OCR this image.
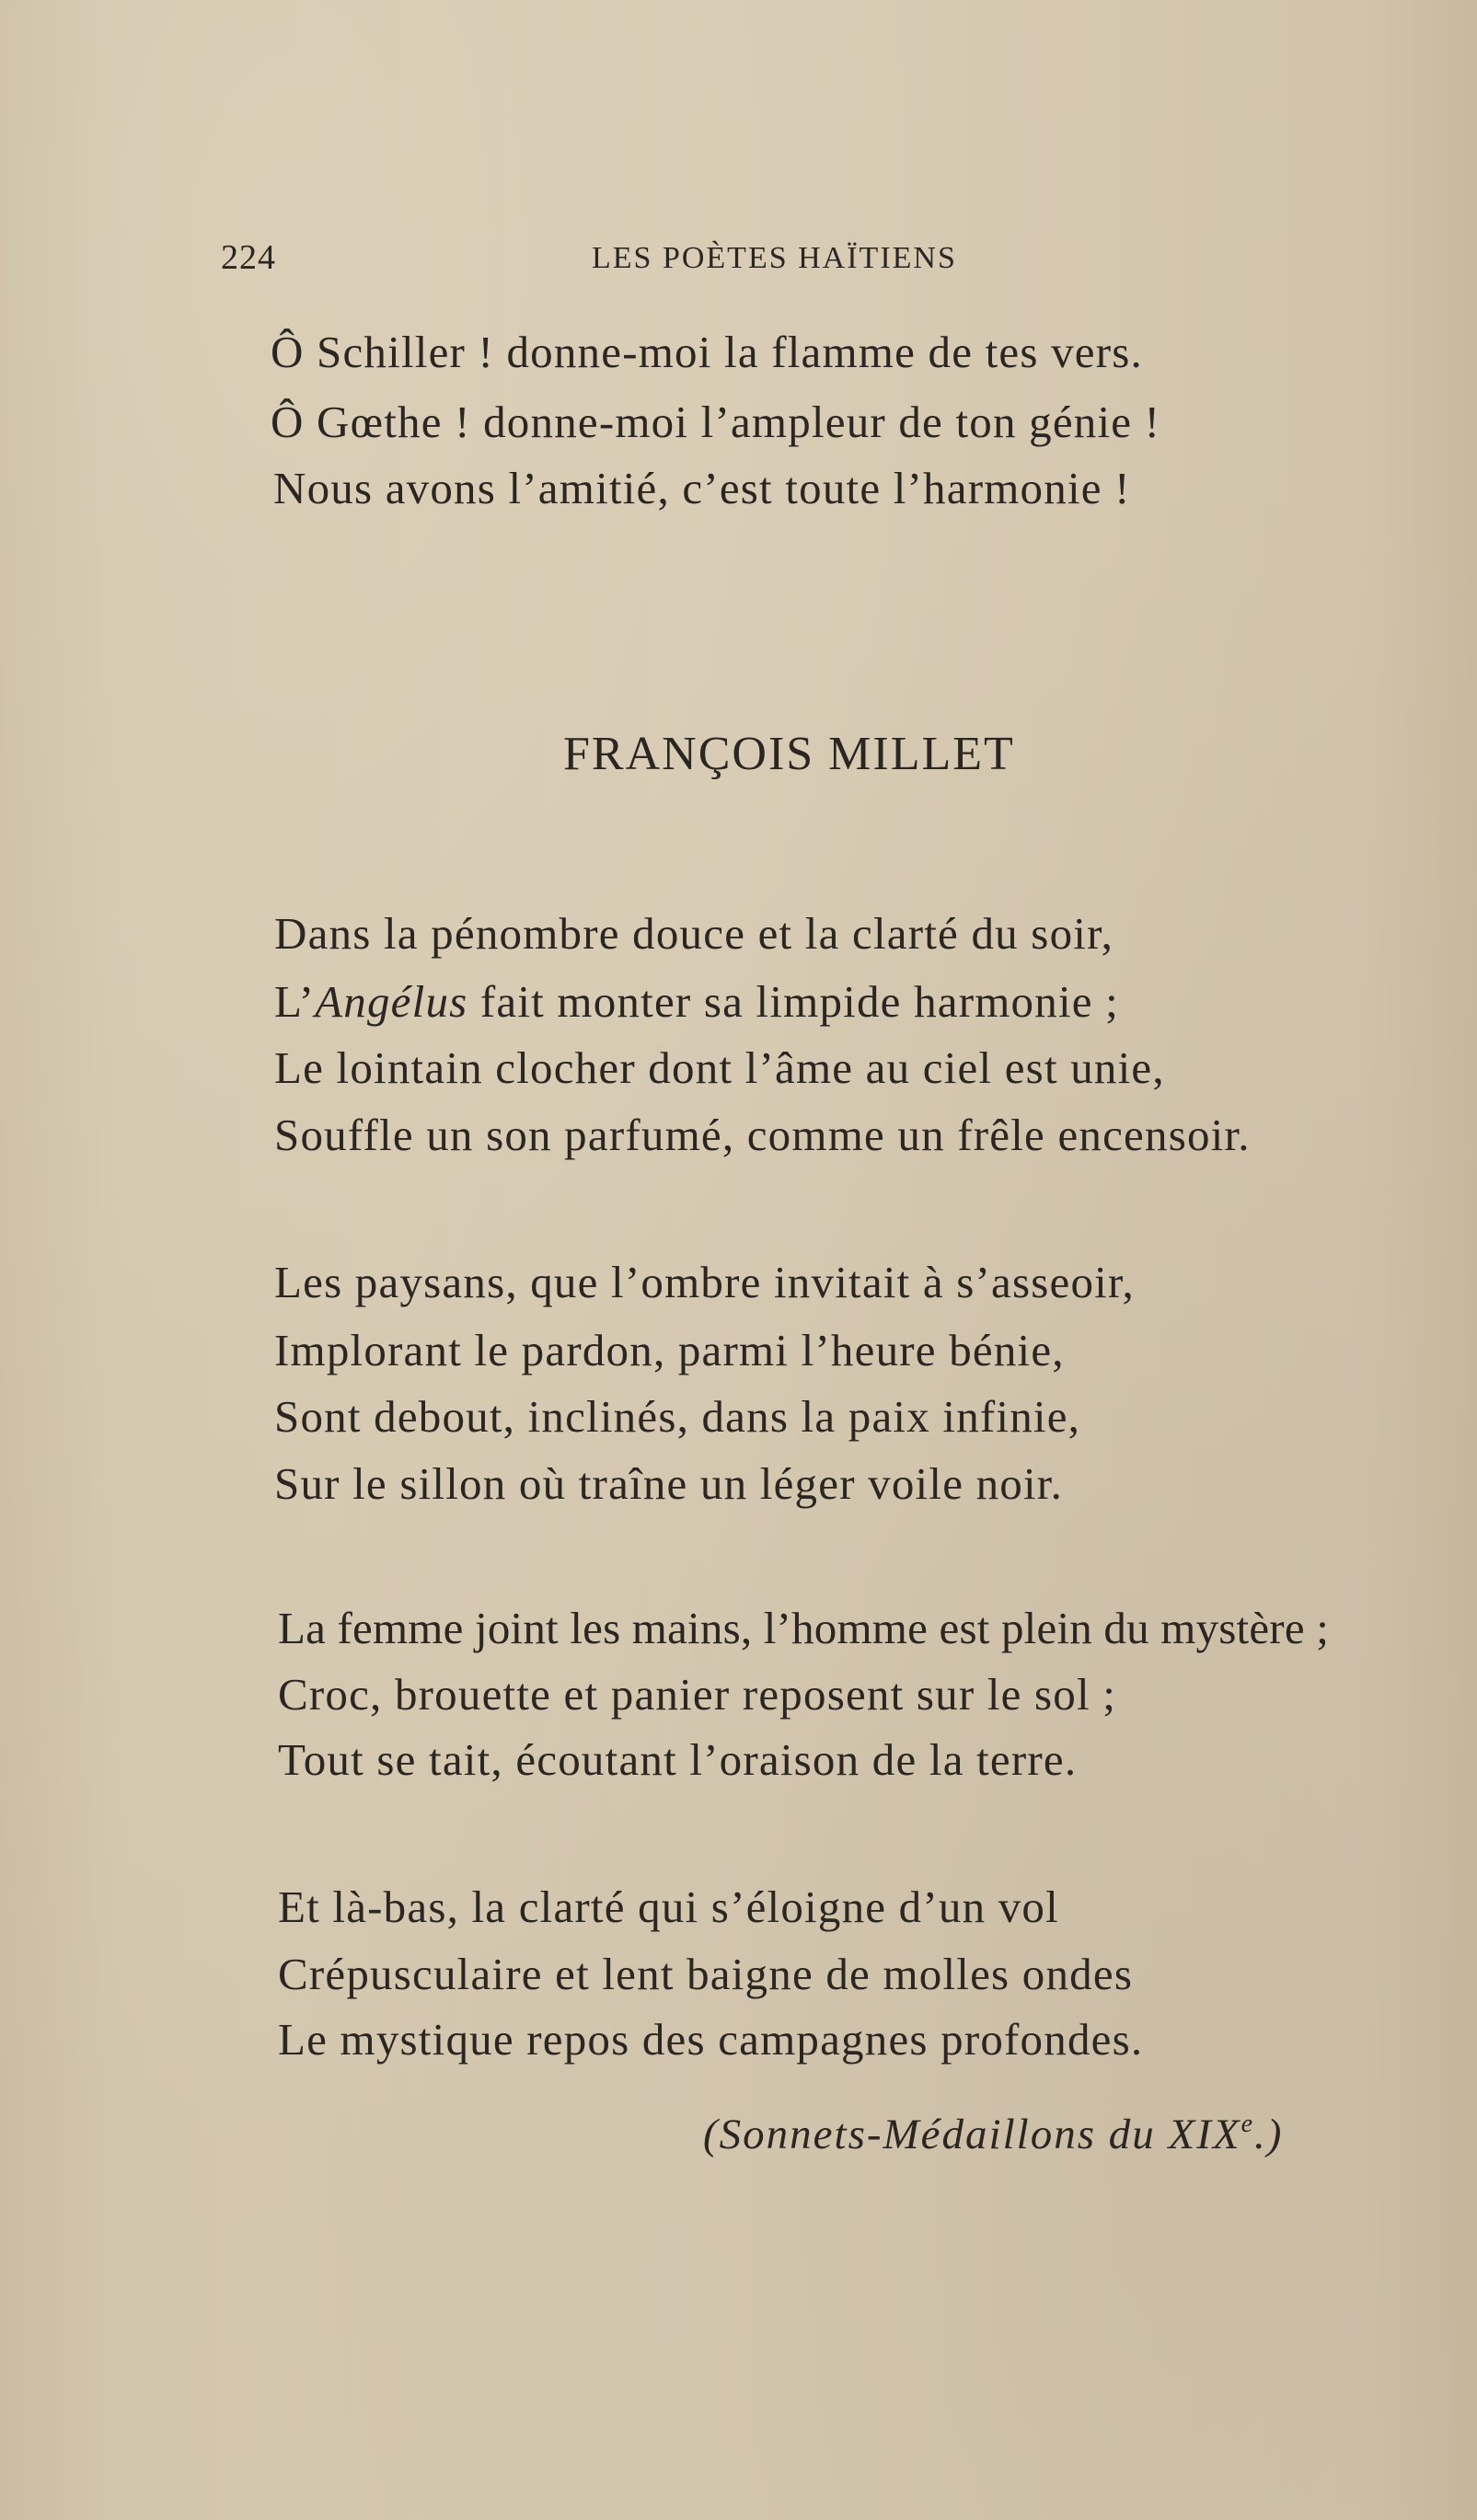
224	LES POÈTES HAÏTIENS
Ô Schiller ! donne-moi la flamme de tes vers.
Ô Gœthe ! donne-moi l’ampleur de ton génie !
Nous avons l’amitié, c’est toute l’harmonie !
FRANÇOIS MILLET
Dans la pénombre douce et la clarté du soir,
L’Angélus fait monter sa limpide harmonie ;
Le lointain clocher dont l’âme au ciel est unie,
Souffle un son parfumé, comme un frêle encensoir.
Les paysans, que l’ombre invitait à s’asseoir,
Implorant le pardon, parmi l’heure bénie,
Sont debout, inclinés, dans la paix infinie,
Sur le sillon où traîne un léger voile noir.
La femme joint les mains, l’homme est plein du mystère ;
Croc, brouette et panier reposent sur le sol ;
Tout se tait, écoutant l’oraison de la terre.
Et là-bas, la clarté qui s’éloigne d’un vol
Crépusculaire et lent baigne de molles ondes
Le mystique repos des campagnes profondes.
(Sonnets-Médaillons du XIXe.)
